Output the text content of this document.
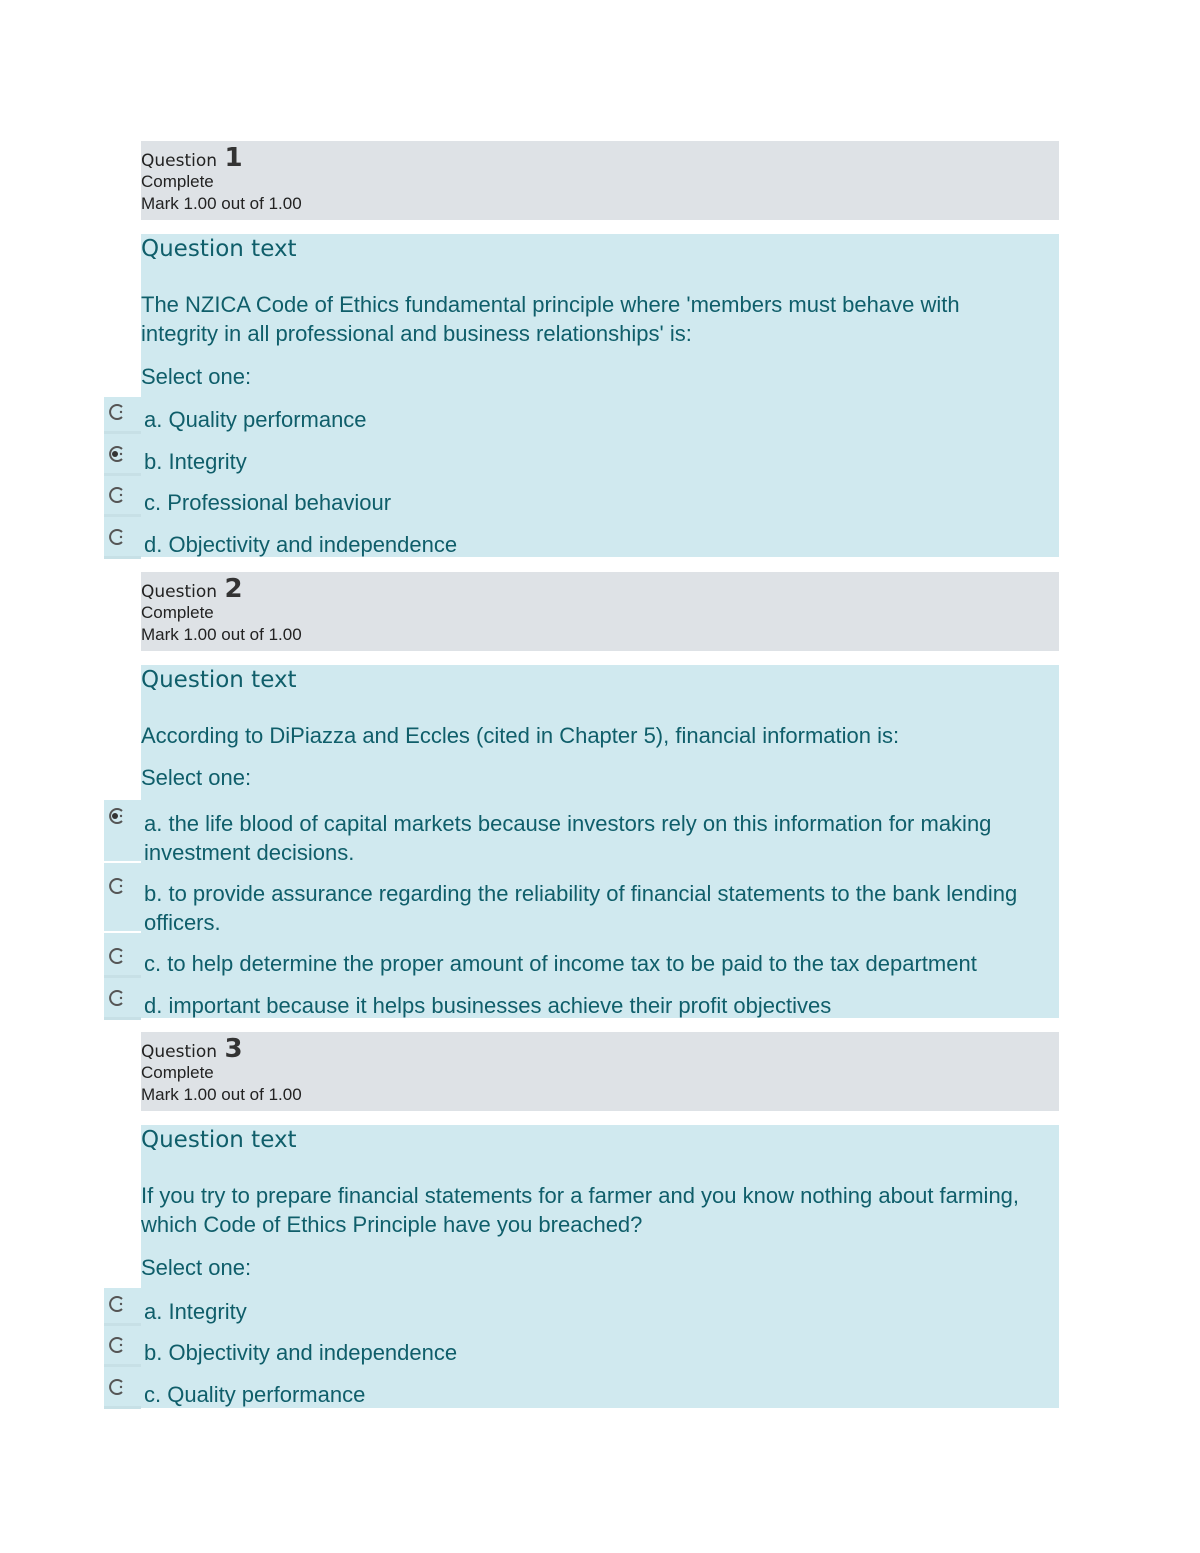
Question 1
Complete
Mark 1.00 out of 1.00
Question text
The NZICA Code of Ethics fundamental principle where 'members must behave with integrity in all professional and business relationships' is:
Select one:
a. Quality performance
b. Integrity
c. Professional behaviour
d. Objectivity and independence
Question 2
Complete
Mark 1.00 out of 1.00
Question text
According to DiPiazza and Eccles (cited in Chapter 5), financial information is:
Select one:
a. the life blood of capital markets because investors rely on this information for making investment decisions.
b. to provide assurance regarding the reliability of financial statements to the bank lending officers.
c. to help determine the proper amount of income tax to be paid to the tax department
d. important because it helps businesses achieve their profit objectives
Question 3
Complete
Mark 1.00 out of 1.00
Question text
If you try to prepare financial statements for a farmer and you know nothing about farming, which Code of Ethics Principle have you breached?
Select one:
a. Integrity
b. Objectivity and independence
c. Quality performance
